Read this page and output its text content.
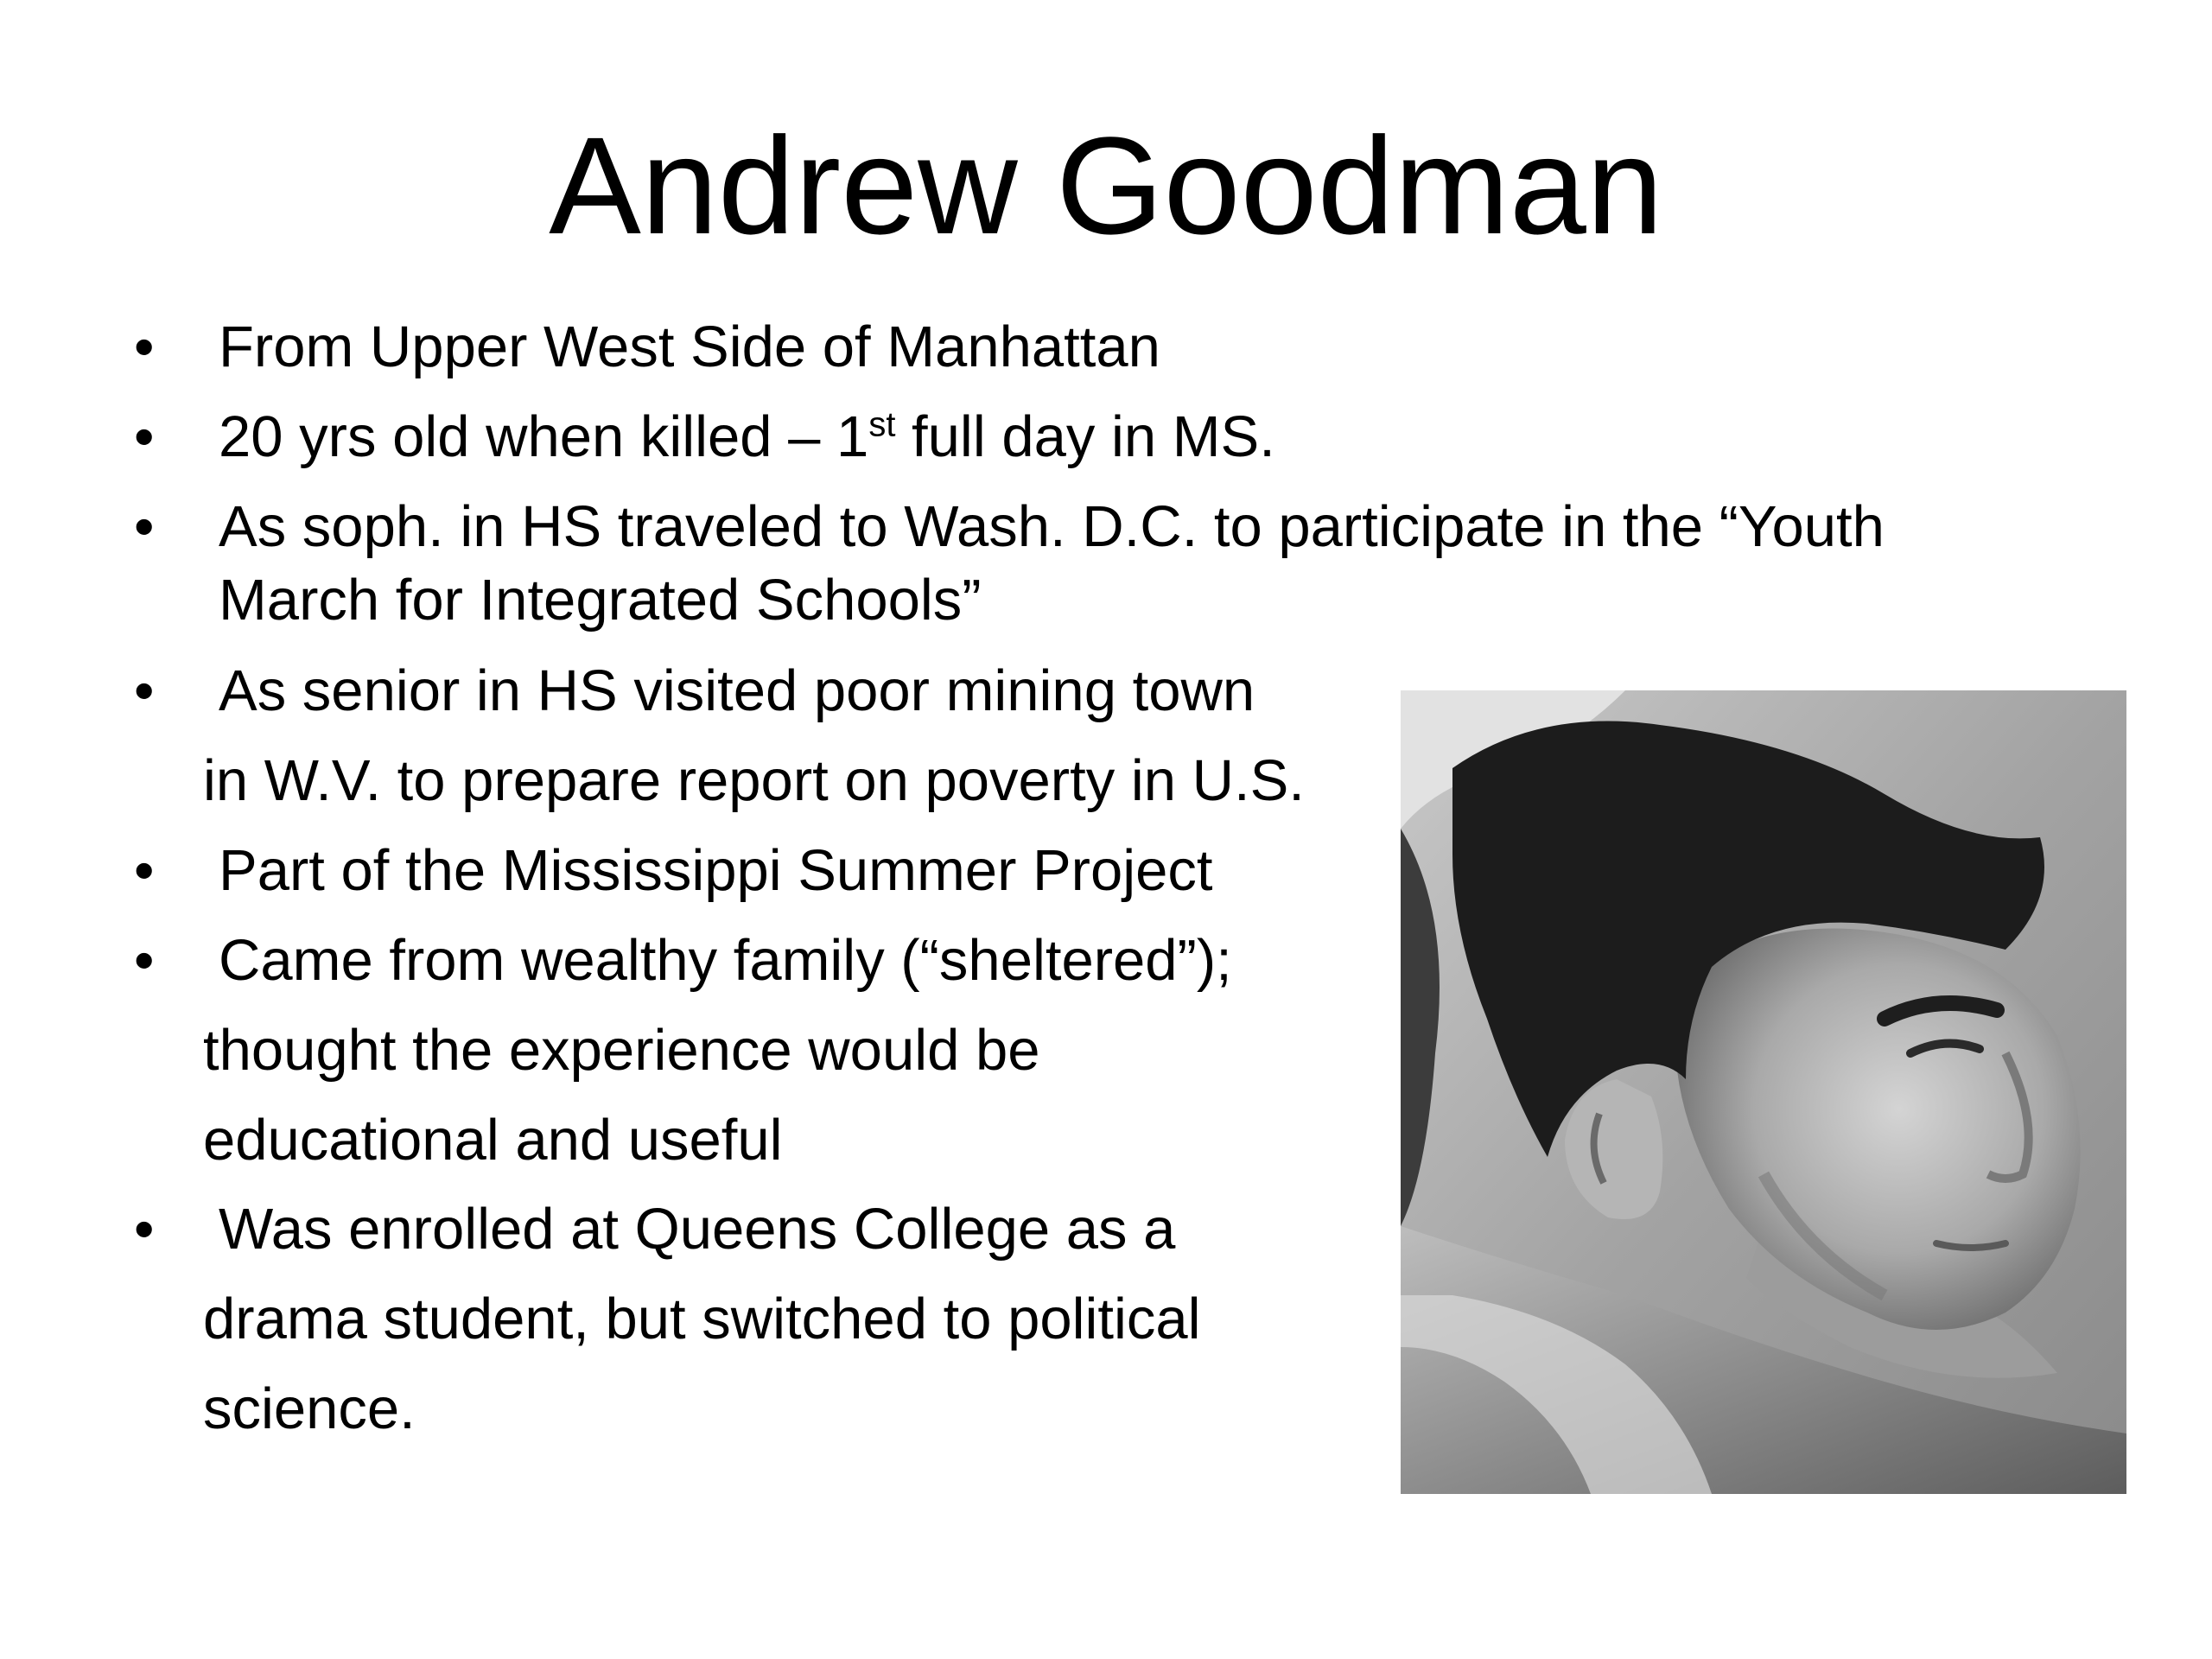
Andrew Goodman
• From Upper West Side of Manhattan
• 20 yrs old when killed – 1st full day in MS.
• As soph. in HS traveled to Wash. D.C. to participate in the “Youth
March for Integrated Schools”
• As senior in HS visited poor mining town
in W.V. to prepare report on poverty in U.S.
• Part of the Mississippi Summer Project
• Came from wealthy family (“sheltered”);
thought the experience would be
educational and useful
• Was enrolled at Queens College as a
drama student, but switched to political
science.
